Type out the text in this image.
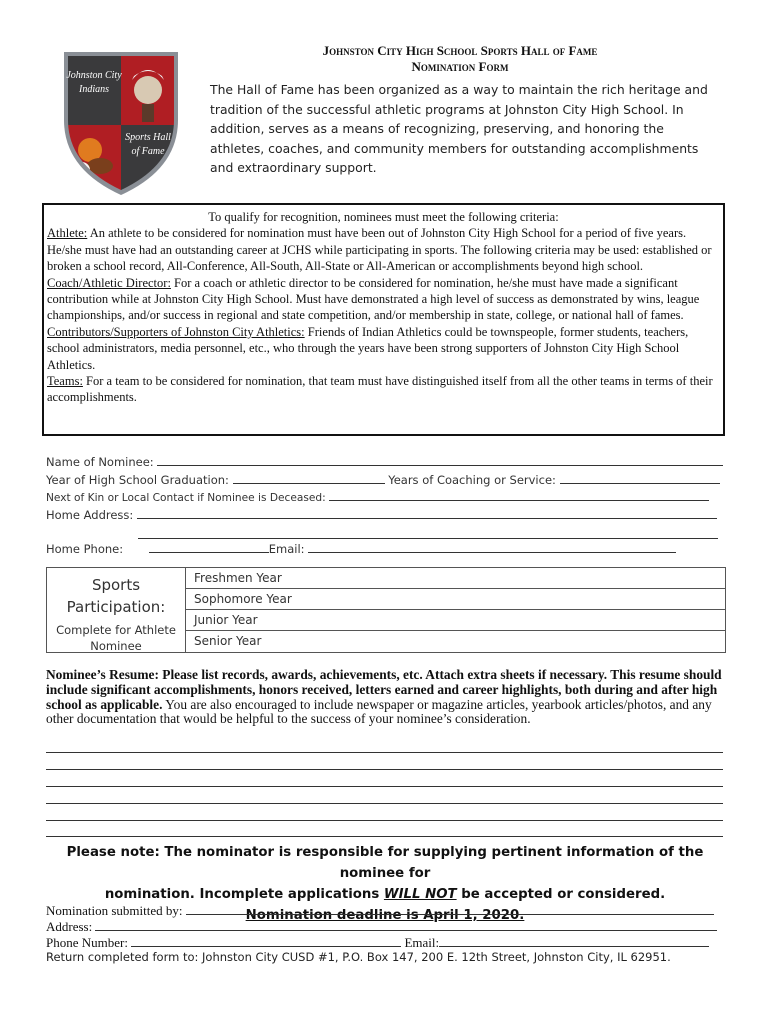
Johnston City
Indians
Sports Hall
of Fame
Johnston City High School Sports Hall of Fame
Nomination Form
The Hall of Fame has been organized as a way to maintain the rich heritage and tradition of the successful athletic programs at Johnston City High School. In addition, serves as a means of recognizing, preserving, and honoring the athletes, coaches, and community members for outstanding accomplishments and extraordinary support.

To qualify for recognition, nominees must meet the following criteria:

Athlete: An athlete to be considered for nomination must have been out of Johnston City High School for a period of five years. He/she must have had an outstanding career at JCHS while participating in sports. The following criteria may be used: established or broken a school record, All-Conference, All-South, All-State or All-American or accomplishments beyond high school.

Coach/Athletic Director: For a coach or athletic director to be considered for nomination, he/she must have made a significant contribution while at Johnston City High School. Must have demonstrated a high level of success as demonstrated by wins, league championships, and/or success in regional and state competition, and/or membership in state, college, or national hall of fames.

Contributors/Supporters of Johnston City Athletics: Friends of Indian Athletics could be townspeople, former students, teachers, school administrators, media personnel, etc., who through the years have been strong supporters of Johnston City High School Athletics.

Teams: For a team to be considered for nomination, that team must have distinguished itself from all the other teams in terms of their accomplishments.

Name of Nominee:
Year of High School Graduation:	Years of Coaching or Service:
Next of Kin or Local Contact if Nominee is Deceased:
Home Address:
Home Phone:	Email:
Sports
Participation:
Complete for Athlete
Nominee
Freshmen Year
Sophomore Year
Junior Year
Senior Year
Nominee’s Resume: Please list records, awards, achievements, etc. Attach extra sheets if necessary. This resume should include significant accomplishments, honors received, letters earned and career highlights, both during and after high school as applicable. You are also encouraged to include newspaper or magazine articles, yearbook articles/photos, and any other documentation that would be helpful to the success of your nominee’s consideration.
Please note: The nominator is responsible for supplying pertinent information of the nominee for
nomination. Incomplete applications WILL NOT be accepted or considered.
Nomination deadline is April 1, 2020.
Nomination submitted by:
Address:
Phone Number:	Email:
Return completed form to: Johnston City CUSD #1, P.O. Box 147, 200 E. 12th Street, Johnston City, IL 62951.
